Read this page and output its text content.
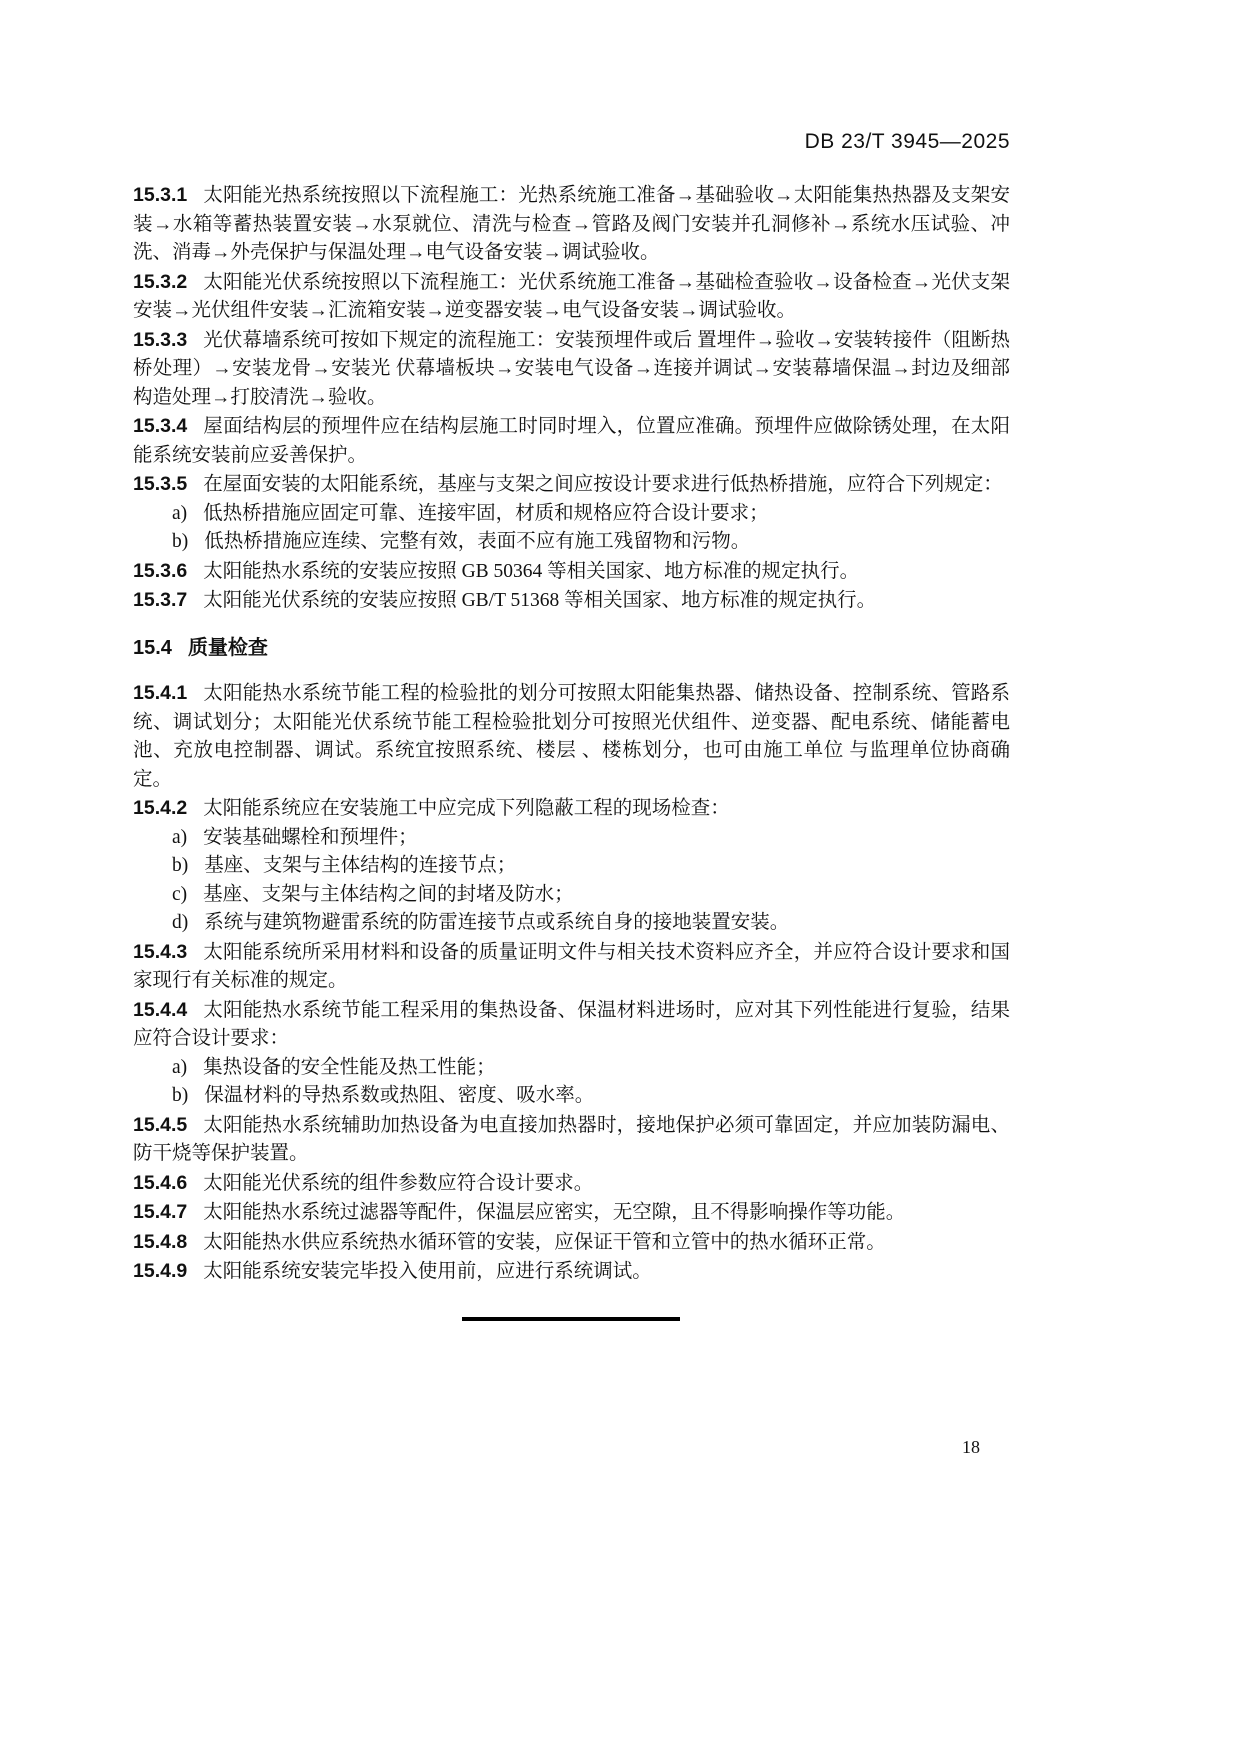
DB 23/T 3945—2025
15.3.1 太阳能光热系统按照以下流程施工：光热系统施工准备→基础验收→太阳能集热热器及支架安装→水箱等蓄热装置安装→水泵就位、清洗与检查→管路及阀门安装并孔洞修补→系统水压试验、冲洗、消毒→外壳保护与保温处理→电气设备安装→调试验收。
15.3.2 太阳能光伏系统按照以下流程施工：光伏系统施工准备→基础检查验收→设备检查→光伏支架安装→光伏组件安装→汇流箱安装→逆变器安装→电气设备安装→调试验收。
15.3.3 光伏幕墙系统可按如下规定的流程施工：安装预埋件或后 置埋件→验收→安装转接件（阻断热桥处理）→安装龙骨→安装光 伏幕墙板块→安装电气设备→连接并调试→安装幕墙保温→封边及细部构造处理→打胶清洗→验收。
15.3.4 屋面结构层的预埋件应在结构层施工时同时埋入，位置应准确。预埋件应做除锈处理，在太阳能系统安装前应妥善保护。
15.3.5 在屋面安装的太阳能系统，基座与支架之间应按设计要求进行低热桥措施，应符合下列规定：
a) 低热桥措施应固定可靠、连接牢固，材质和规格应符合设计要求；
b) 低热桥措施应连续、完整有效，表面不应有施工残留物和污物。
15.3.6 太阳能热水系统的安装应按照 GB 50364 等相关国家、地方标准的规定执行。
15.3.7 太阳能光伏系统的安装应按照 GB/T 51368 等相关国家、地方标准的规定执行。
15.4 质量检查
15.4.1 太阳能热水系统节能工程的检验批的划分可按照太阳能集热器、储热设备、控制系统、管路系统、调试划分；太阳能光伏系统节能工程检验批划分可按照光伏组件、逆变器、配电系统、储能蓄电池、充放电控制器、调试。系统宜按照系统、楼层 、楼栋划分，也可由施工单位 与监理单位协商确定。
15.4.2 太阳能系统应在安装施工中应完成下列隐蔽工程的现场检查：
a) 安装基础螺栓和预埋件；
b) 基座、支架与主体结构的连接节点；
c) 基座、支架与主体结构之间的封堵及防水；
d) 系统与建筑物避雷系统的防雷连接节点或系统自身的接地装置安装。
15.4.3 太阳能系统所采用材料和设备的质量证明文件与相关技术资料应齐全，并应符合设计要求和国家现行有关标准的规定。
15.4.4 太阳能热水系统节能工程采用的集热设备、保温材料进场时，应对其下列性能进行复验，结果应符合设计要求：
a) 集热设备的安全性能及热工性能；
b) 保温材料的导热系数或热阻、密度、吸水率。
15.4.5 太阳能热水系统辅助加热设备为电直接加热器时，接地保护必须可靠固定，并应加装防漏电、防干烧等保护装置。
15.4.6 太阳能光伏系统的组件参数应符合设计要求。
15.4.7 太阳能热水系统过滤器等配件，保温层应密实，无空隙，且不得影响操作等功能。
15.4.8 太阳能热水供应系统热水循环管的安装，应保证干管和立管中的热水循环正常。
15.4.9 太阳能系统安装完毕投入使用前，应进行系统调试。
18
